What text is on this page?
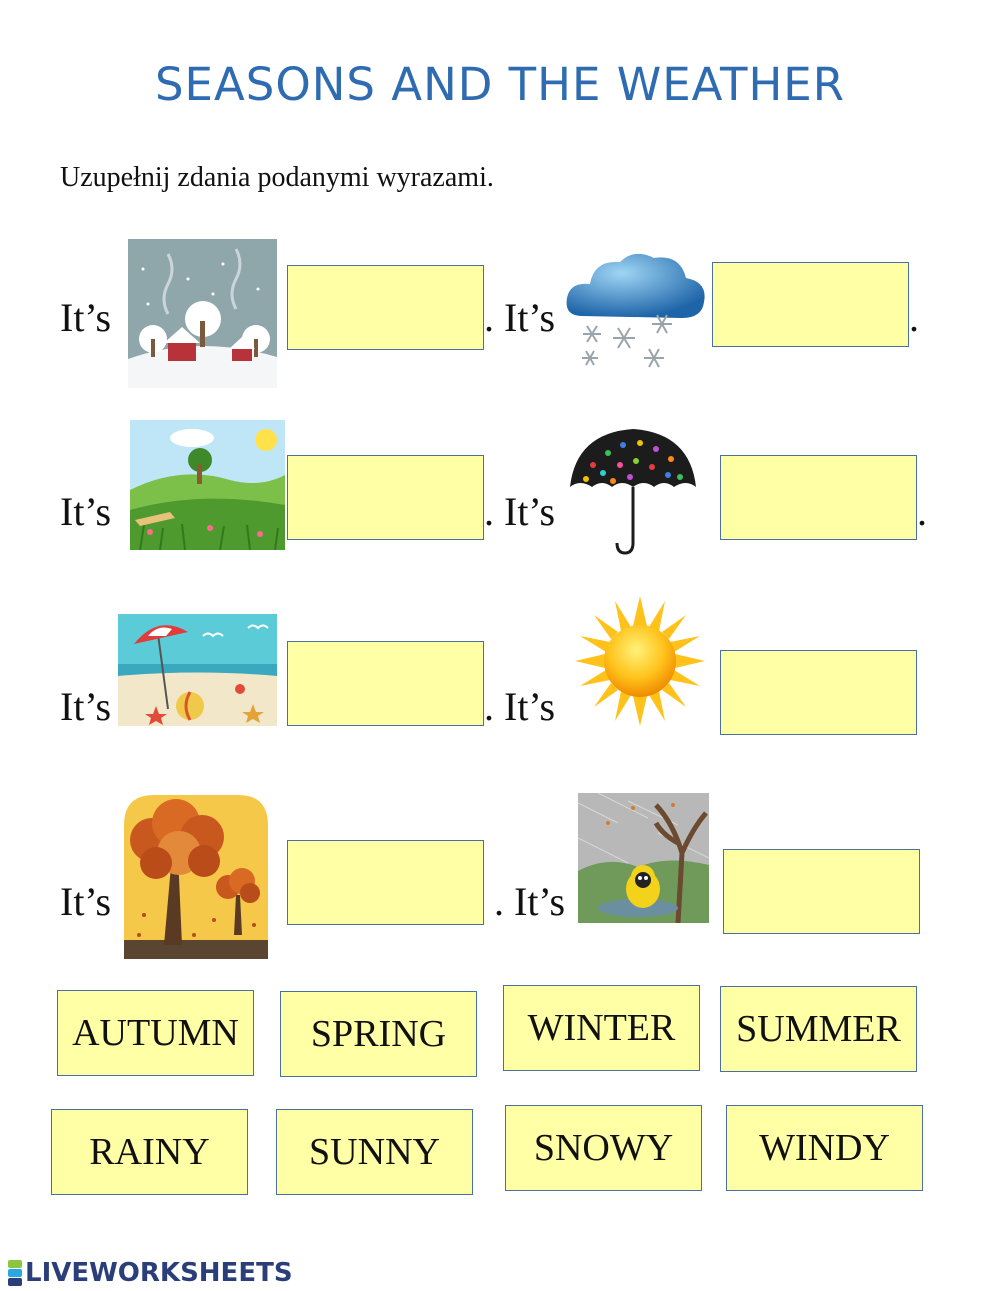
SEASONS AND THE WEATHER
Uzupełnij zdania podanymi wyrazami.
It’s	. It’s	.
It’s	. It’s	.
It’s	. It’s
It’s	. It’s
AUTUMN	SPRING	WINTER	SUMMER
RAINY	SUNNY	SNOWY	WINDY
LIVEWORKSHEETS
